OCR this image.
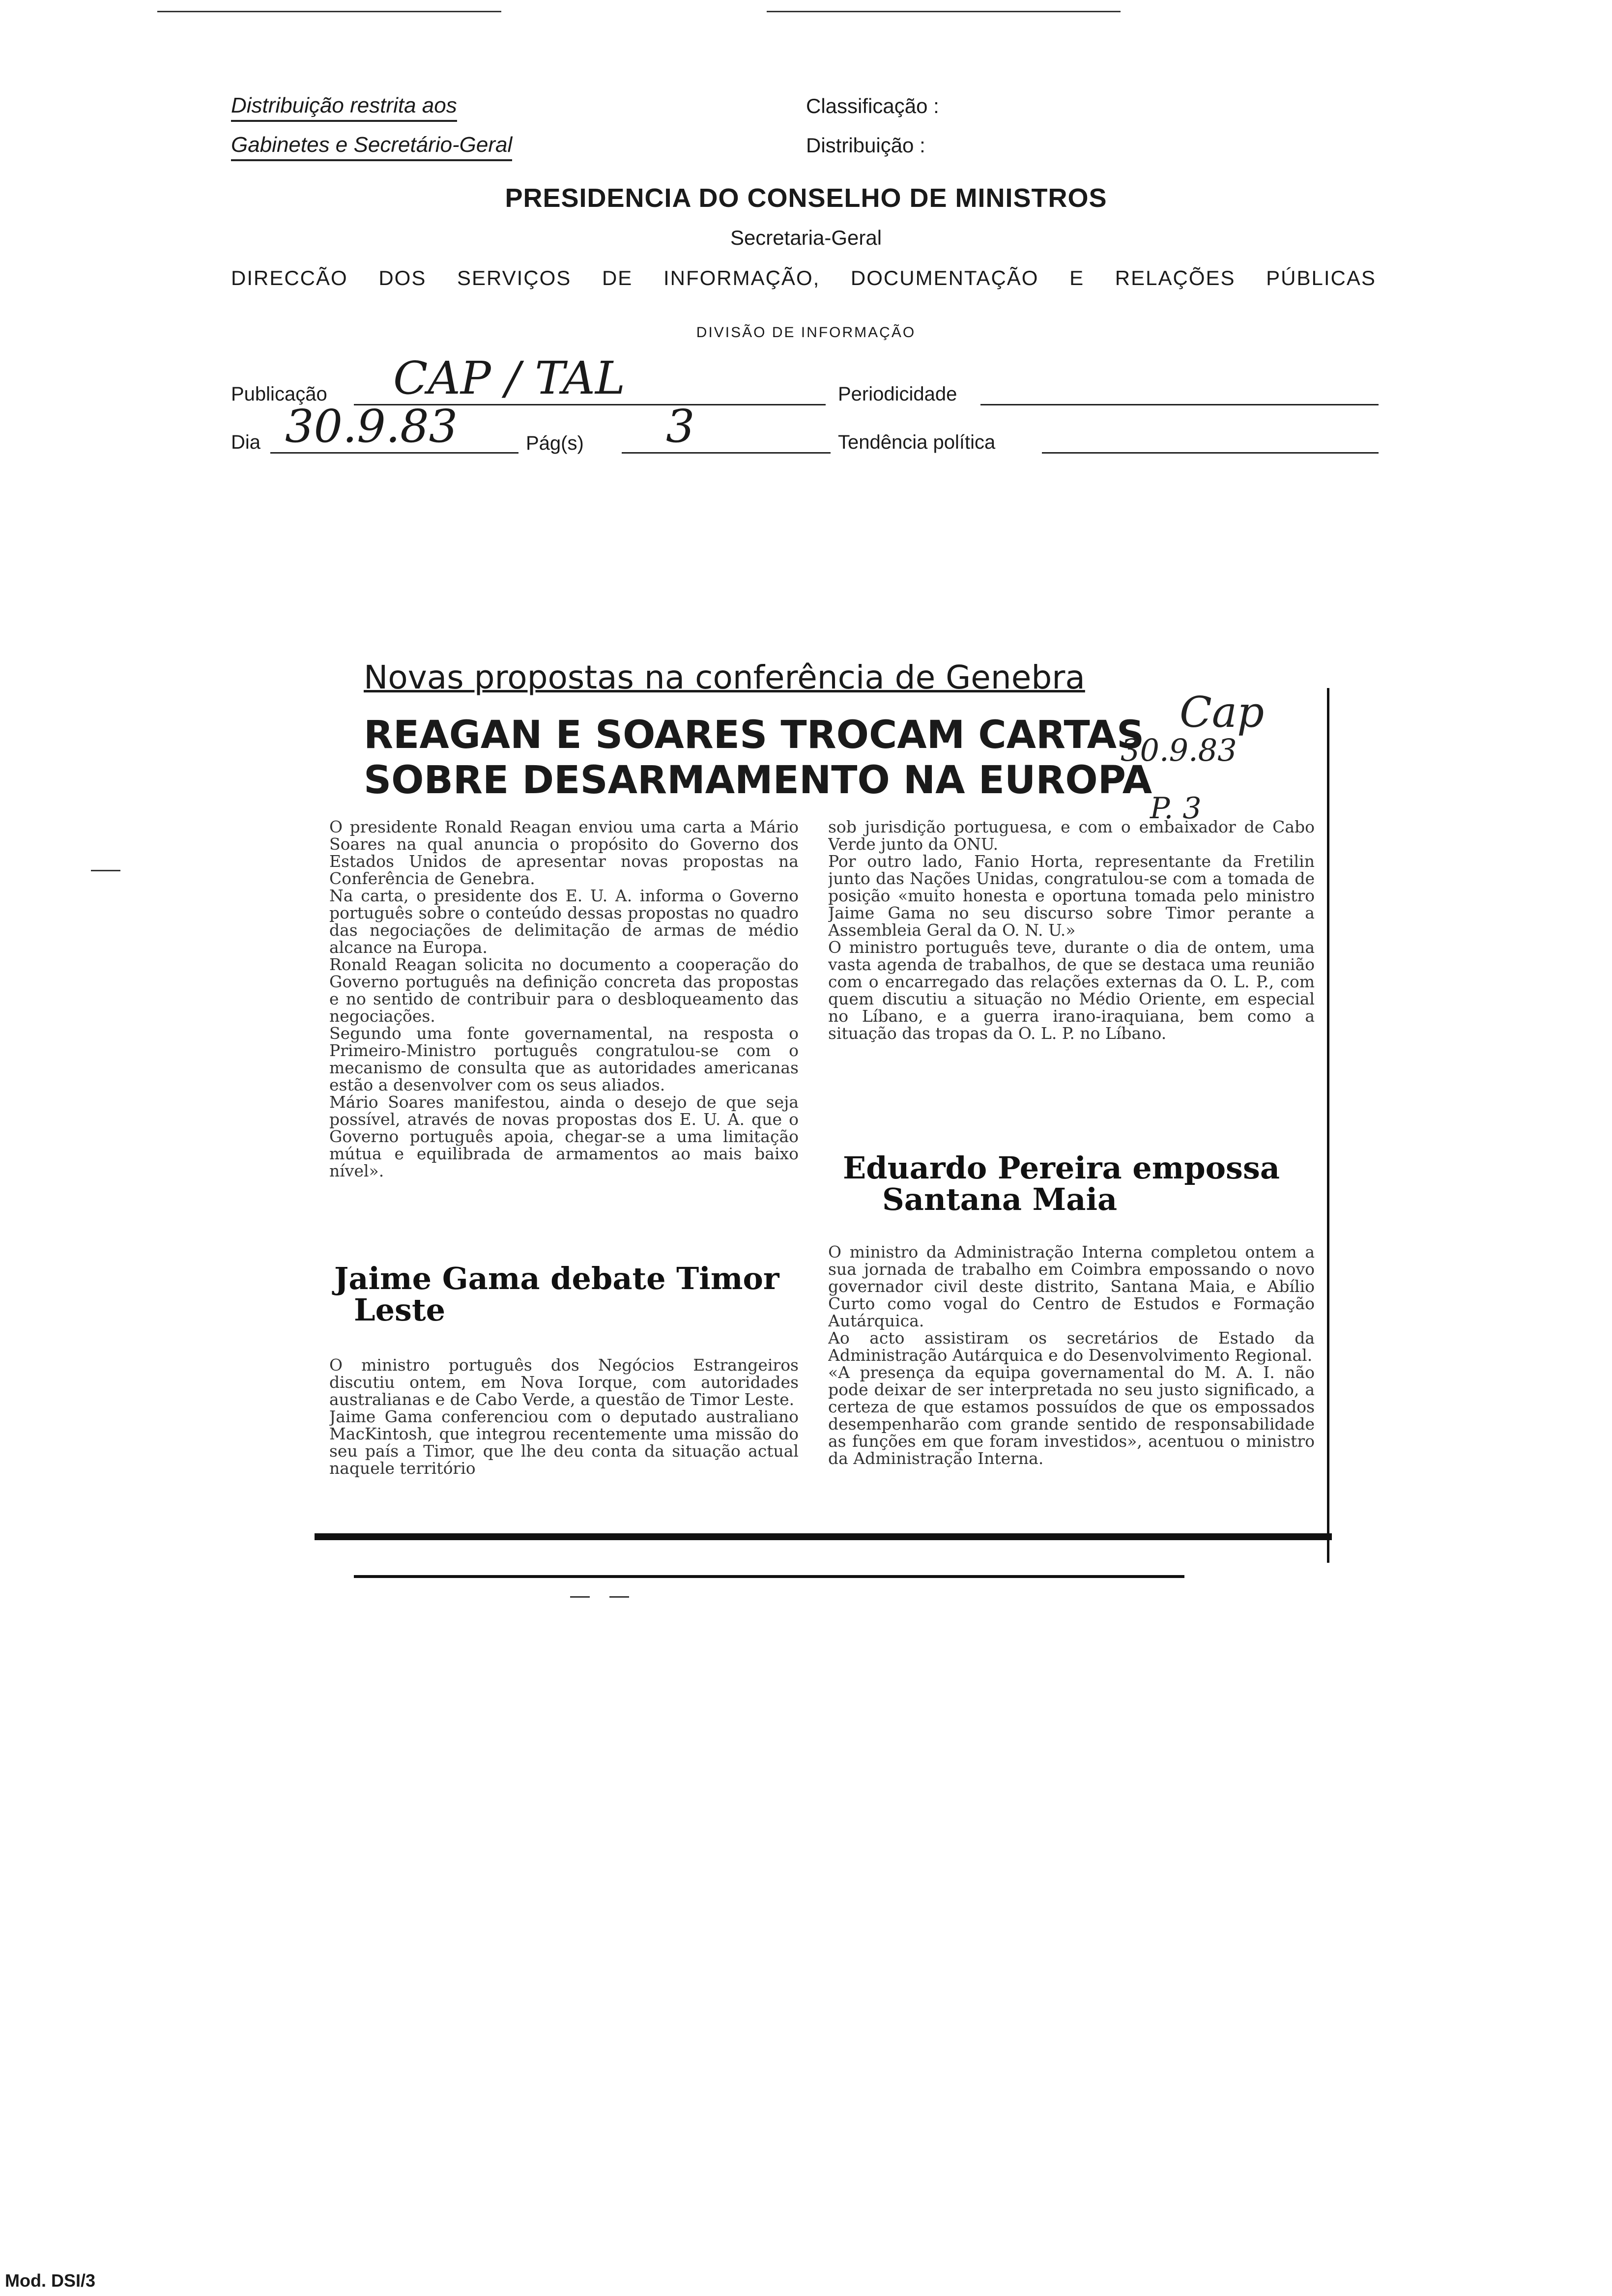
Distribuição restrita aos
Gabinetes e Secretário-Geral
Classificação :
Distribuição :
PRESIDENCIA DO CONSELHO DE MINISTROS
Secretaria-Geral
DIRECCÃO DOS SERVIÇOS DE INFORMAÇÃO, DOCUMENTAÇÃO E RELAÇÕES PÚBLICAS
DIVISÃO DE INFORMAÇÃO
Publicação CAP / TAL	Periodicidade
Dia 30.9.83	Pág(s) 3	Tendência política
Novas propostas na conferência de Genebra
Cap
REAGAN E SOARES TROCAM CARTAS
SOBRE DESARMAMENTO NA EUROPA
30.9.83
P. 3

O presidente Ronald Reagan enviou uma carta a Mário Soares na qual anuncia o propósito do Governo dos Estados Unidos de apresentar novas propostas na Conferência de Genebra.

Na carta, o presidente dos E. U. A. informa o Governo português sobre o conteúdo dessas propostas no quadro das negociações de delimitação de armas de médio alcance na Europa.

Ronald Reagan solicita no documento a cooperação do Governo português na definição concreta das propostas e no sentido de contribuir para o desbloqueamento das negociações.

Segundo uma fonte governamental, na resposta o Primeiro-Ministro português congratulou-se com o mecanismo de consulta que as autoridades americanas estão a desenvolver com os seus aliados.

Mário Soares manifestou, ainda o desejo de que seja possível, através de novas propostas dos E. U. A. que o Governo português apoia, chegar-se a uma limitação mútua e equilibrada de armamentos ao mais baixo nível».

Jaime Gama debate Timor
Leste

O ministro português dos Negócios Estrangeiros discutiu ontem, em Nova Iorque, com autoridades australianas e de Cabo Verde, a questão de Timor Leste.

Jaime Gama conferenciou com o deputado australiano MacKintosh, que integrou recentemente uma missão do seu país a Timor, que lhe deu conta da situação actual naquele território

sob jurisdição portuguesa, e com o embaixador de Cabo Verde junto da ONU.

Por outro lado, Fanio Horta, representante da Fretilin junto das Nações Unidas, congratulou-se com a tomada de posição «muito honesta e oportuna tomada pelo ministro Jaime Gama no seu discurso sobre Timor perante a Assembleia Geral da O. N. U.»

O ministro português teve, durante o dia de ontem, uma vasta agenda de trabalhos, de que se destaca uma reunião com o encarregado das relações externas da O. L. P., com quem discutiu a situação no Médio Oriente, em especial no Líbano, e a guerra irano-iraquiana, bem como a situação das tropas da O. L. P. no Líbano.

Eduardo Pereira empossa
Santana Maia

O ministro da Administração Interna completou ontem a sua jornada de trabalho em Coimbra empossando o novo governador civil deste distrito, Santana Maia, e Abílio Curto como vogal do Centro de Estudos e Formação Autárquica.

Ao acto assistiram os secretários de Estado da Administração Autárquica e do Desenvolvimento Regional.

«A presença da equipa governamental do M. A. I. não pode deixar de ser interpretada no seu justo significado, a certeza de que estamos possuídos de que os empossados desempenharão com grande sentido de responsabilidade as funções em que foram investidos», acentuou o ministro da Administração Interna.

Mod. DSI/3
